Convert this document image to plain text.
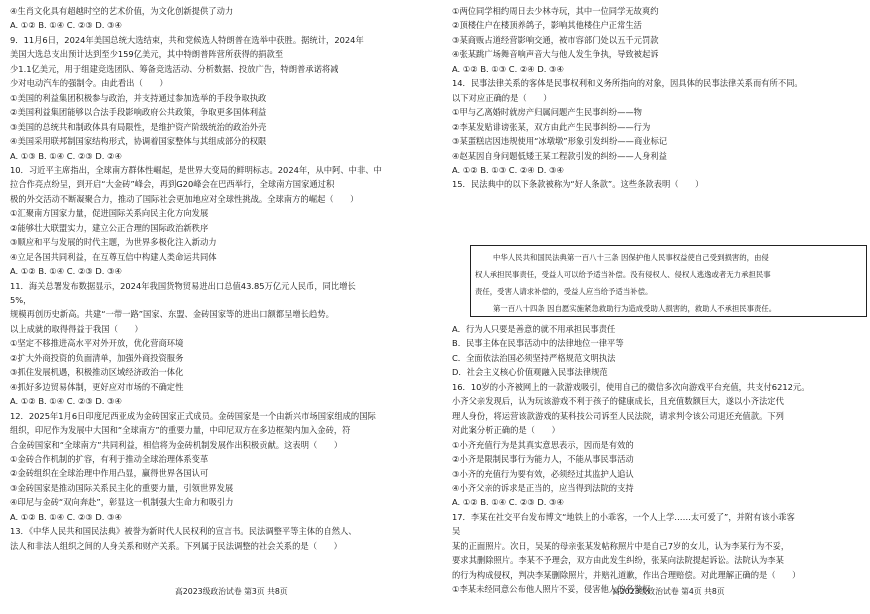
④生肖文化具有超越时空的艺术价值，为文化创新提供了动力
A. ①② B. ①④ C. ②③ D. ③④
9．11月6日，2024年美国总统大选结束，共和党候选人特朗普在选举中获胜。据统计，2024年
美国大选总支出预计达到至少159亿美元，其中特朗普阵营所获得的捐款至
少1.1亿美元，用于组建竞选团队、筹备竞选活动、分析数据、投放广告，特朗普承诺将减
少对电动汽车的强制令。由此看出（　　）
①美国的利益集团积极参与政治，并支持通过参加选举的手段争取执政
②美国利益集团能够以合法手段影响政府公共政策，争取更多国体利益
③美国的总统共和制政体具有局限性，是维护资产阶级统治的政治外壳
④美国采用联邦制国家结构形式，协调着国家整体与其组成部分的权限
A. ①③ B. ①④ C. ②③ D. ②④
10．习近平主席指出，全球南方群体性崛起，是世界大变局的鲜明标志。2024年，从中阿、中非、中
拉合作亮点纷呈，到开启“大金砖”峰会，再到G20峰会在巴西举行，全球南方国家通过积
极的外交活动不断凝聚合力，推动了国际社会更加地应对全球性挑战。全球南方的崛起（　　）
①汇聚南方国家力量，促进国际关系向民主化方向发展
②能够壮大联盟实力，建立公正合理的国际政治新秩序
③顺应和平与发展的时代主题，为世界多极化注入新动力
④立足各国共同利益，在互尊互信中构建人类命运共同体
A. ①② B. ①④ C. ②③ D. ③④
11．海关总署发布数据显示，2024年我国货物贸易进出口总值43.85万亿元人民币，同比增长
5%，
规模再创历史新高。共建“一带一路”国家、东盟、金砖国家等的进出口额都呈增长趋势。
以上成就的取得得益于我国（　　）
①坚定不移推进高水平对外开放，优化营商环境
②扩大外商投资的负面清单，加强外商投资服务
③抓住发展机遇，积极推动区域经济政治一体化
④抓好多边贸易体制，更好应对市场的不确定性
A. ①② B. ①④ C. ②③ D. ③④
12．2025年1月6日印度尼西亚成为金砖国家正式成员。金砖国家是一个由新兴市场国家组成的国际
组织，印尼作为发展中大国和“全球南方”的重要力量，中印尼双方在多边框架内加入金砖，符
合金砖国家和“全球南方”共同利益，相信将为金砖机制发展作出积极贡献。这表明（　　）
①金砖合作机制的扩容，有利于推动全球治理体系变革
②金砖组织在全球治理中作用凸显，赢得世界各国认可
③金砖国家是推动国际关系民主化的重要力量，引领世界发展
④印尼与金砖“双向奔赴”，彰显这一机制强大生命力和吸引力
A. ①② B. ①④ C. ②③ D. ③④
13．《中华人民共和国民法典》被誉为新时代人民权利的宣言书。民法调整平等主体的自然人、
法人和非法人组织之间的人身关系和财产关系。下列属于民法调整的社会关系的是（　　）
中华人民共和国民法典第一百八十三条 因保护他人民事权益使自己受到损害的，由侵
权人承担民事责任，受益人可以给予适当补偿。没有侵权人、侵权人逃逸或者无力承担民事
责任，受害人请求补偿的，受益人应当给予适当补偿。
第一百八十四条 因自愿实施紧急救助行为造成受助人损害的，救助人不承担民事责任。
①两位同学相约周日去少林寺玩，其中一位同学无故爽约
②顶楼住户在楼顶养鸽子，影响其他楼住户正常生活
③某商贩占道经营影响交通，被市容部门处以五千元罚款
④张某跳广场舞音响声音大与他人发生争执，导致被起诉
A. ①② B. ①③ C. ②④ D. ③④
14．民事法律关系的客体是民事权利和义务所指向的对象，因具体的民事法律关系而有所不同。
以下对应正确的是（　　）
①甲与乙离婚时就房产归属问题产生民事纠纷——物
②李某发贴诽谤张某，双方由此产生民事纠纷——行为
③某蛋糕店因违规使用“冰墩墩”形象引发纠纷——商业标记
④赵某因自身问题低矮王某工程款引发的纠纷——人身利益
A. ①② B. ①③ C. ②④ D. ③④
15．民法典中的以下条款被称为“好人条款”。这些条款表明（　　）
A．行为人只要是善意的就不用承担民事责任
B．民事主体在民事活动中的法律地位一律平等
C．全面依法治国必须坚持严格规范文明执法
D．社会主义核心价值观融入民事法律规范
16．10岁的小齐被网上的一款游戏吸引，使用自己的微信多次向游戏平台充值，共支付6212元。
小齐父亲发现后，认为玩该游戏不利于孩子的健康成长，且充值数额巨大，遂以小齐法定代
理人身份，将运营该款游戏的某科技公司诉至人民法院，请求判令该公司退还充值款。下列
对此案分析正确的是（　　）
①小齐充值行为是其真实意思表示，因而是有效的
②小齐是限制民事行为能力人，不能从事民事活动
③小齐的充值行为要有效，必须经过其监护人追认
④小齐父亲的诉求是正当的，应当得到法院的支持
A. ①② B. ①④ C. ②③ D. ③④
17．李某在社交平台发布博文“地铁上的小乖客，一个人上学……太可爱了”，并附有该小乖客
吴
某的正面照片。次日，吴某的母亲张某发帖称照片中是自己7岁的女儿，认为李某行为不妥，
要求其删除照片。李某不予理会，双方由此发生纠纷，张某向法院提起诉讼。法院认为李某
的行为构成侵权，判决李某删除照片，并赔礼道歉，作出合理赔偿。对此理解正确的是（　　）
①李某未经同意公布他人照片不妥，侵害他人的名誉权
高2023级政治试卷 第3页 共8页	高2023级政治试卷 第4页 共8页
